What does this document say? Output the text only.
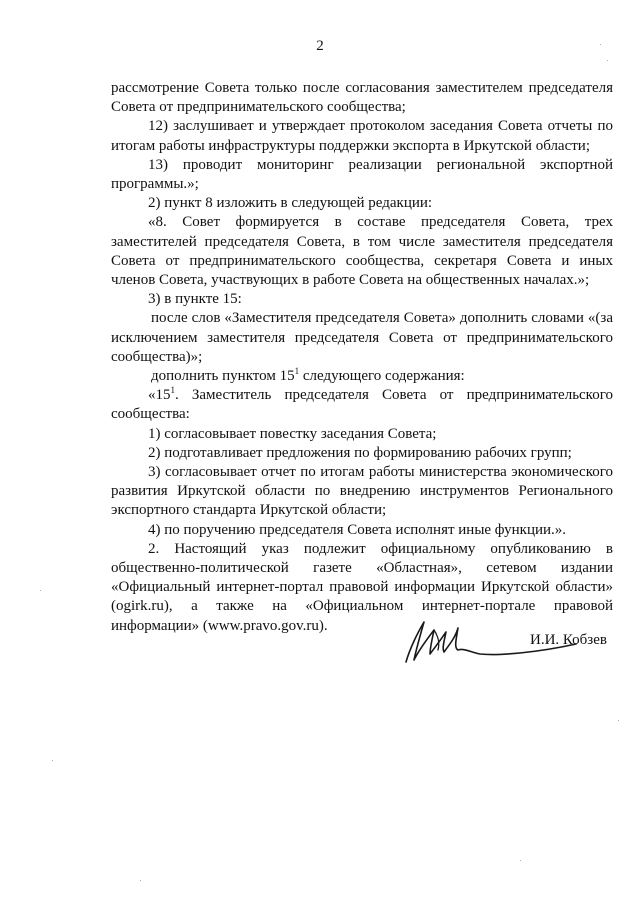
2

рассмотрение Совета только после согласования заместителем председателя Совета от предпринимательского сообщества;

12) заслушивает и утверждает протоколом заседания Совета отчеты по итогам работы инфраструктуры поддержки экспорта в Иркутской области;

13) проводит мониторинг реализации региональной экспортной программы.»;

2) пункт 8 изложить в следующей редакции:

«8. Совет формируется в составе председателя Совета, трех заместителей председателя Совета, в том числе заместителя председателя Совета от предпринимательского сообщества, секретаря Совета и иных членов Совета, участвующих в работе Совета на общественных началах.»;

3) в пункте 15:

после слов «Заместителя председателя Совета» дополнить словами «(за исключением заместителя председателя Совета от предпринимательского сообщества)»;

дополнить пунктом $15^1$ следующего содержания:

«$15^1$. Заместитель председателя Совета от предпринимательского сообщества:

1) согласовывает повестку заседания Совета;

2) подготавливает предложения по формированию рабочих групп;

3) согласовывает отчет по итогам работы министерства экономического развития Иркутской области по внедрению инструментов Регионального экспортного стандарта Иркутской области;

4) по поручению председателя Совета исполнят иные функции.».

2. Настоящий указ подлежит официальному опубликованию в общественно-политической газете «Областная», сетевом издании «Официальный интернет-портал правовой информации Иркутской области» (ogirk.ru), а также на «Официальном интернет-портале правовой информации» (www.pravo.gov.ru).

И.И. Кобзев
